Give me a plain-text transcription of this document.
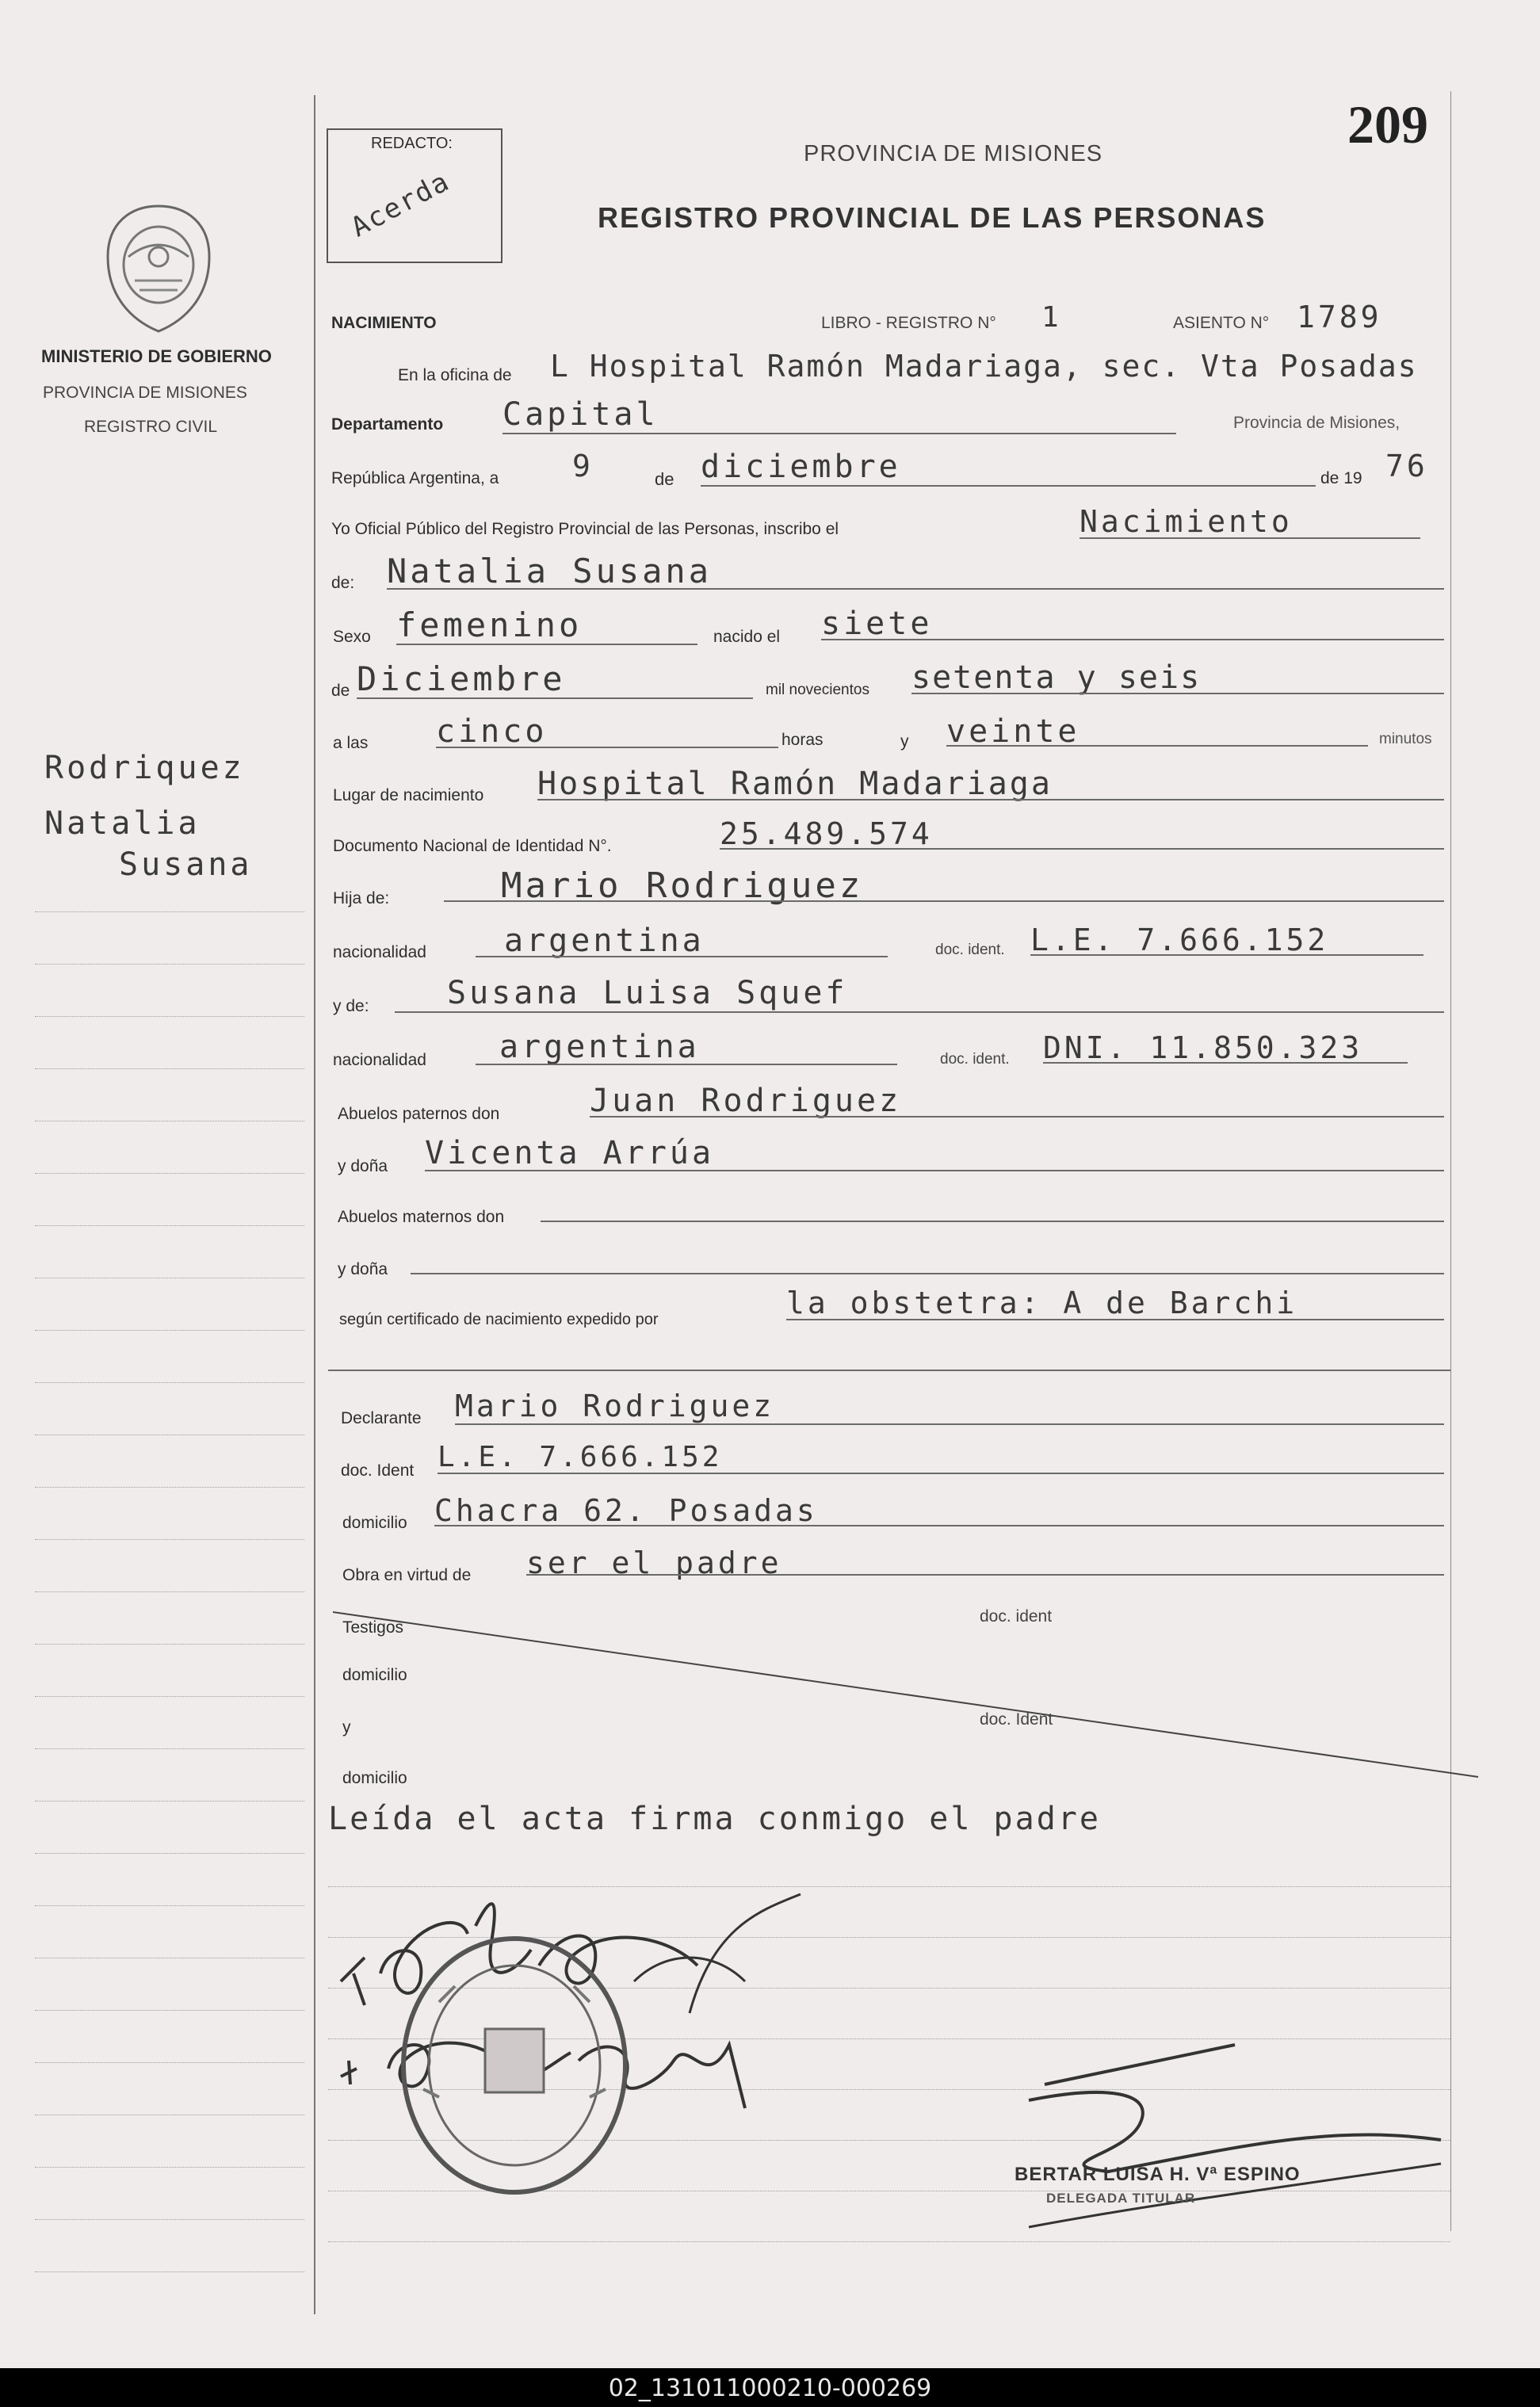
209
REDACTO:
Acerda
PROVINCIA DE MISIONES
REGISTRO PROVINCIAL DE LAS PERSONAS
MINISTERIO DE GOBIERNO
PROVINCIA DE MISIONES
REGISTRO CIVIL
Rodriquez
Natalia
Susana
NACIMIENTO	LIBRO - REGISTRO N° 1	ASIENTO N° 1789
En la oficina de L Hospital Ramón Madariaga, sec. Vta Posadas
Departamento Capital	Provincia de Misiones,
República Argentina, a 9	de diciembre	de 19 76
Yo Oficial Público del Registro Provincial de las Personas, inscribo el	Nacimiento
de: Natalia Susana
Sexo femenino	nacido el siete
de Diciembre	mil novecientos setenta y seis
a las cinco	horas	y veinte	minutos
Lugar de nacimiento Hospital Ramón Madariaga
Documento Nacional de Identidad N°.	25.489.574
Hija de:	Mario Rodriguez
nacionalidad argentina	doc. ident. L.E. 7.666.152
y de: Susana Luisa Squef
nacionalidad argentina	doc. ident. DNI. 11.850.323
Abuelos paternos don	Juan Rodriguez
y doña Vicenta Arrúa
Abuelos maternos don
y doña
según certificado de nacimiento expedido por	la obstetra: A de Barchi
Declarante Mario Rodriguez
doc. Ident L.E. 7.666.152
domicilio Chacra 62. Posadas
Obra en virtud de ser el padre
Testigos
doc. ident
domicilio
y	doc. Ident
domicilio
Leída el acta firma conmigo el padre
BERTAR LUISA H. Vª ESPINO
DELEGADA TITULAR
02_131011000210-000269
